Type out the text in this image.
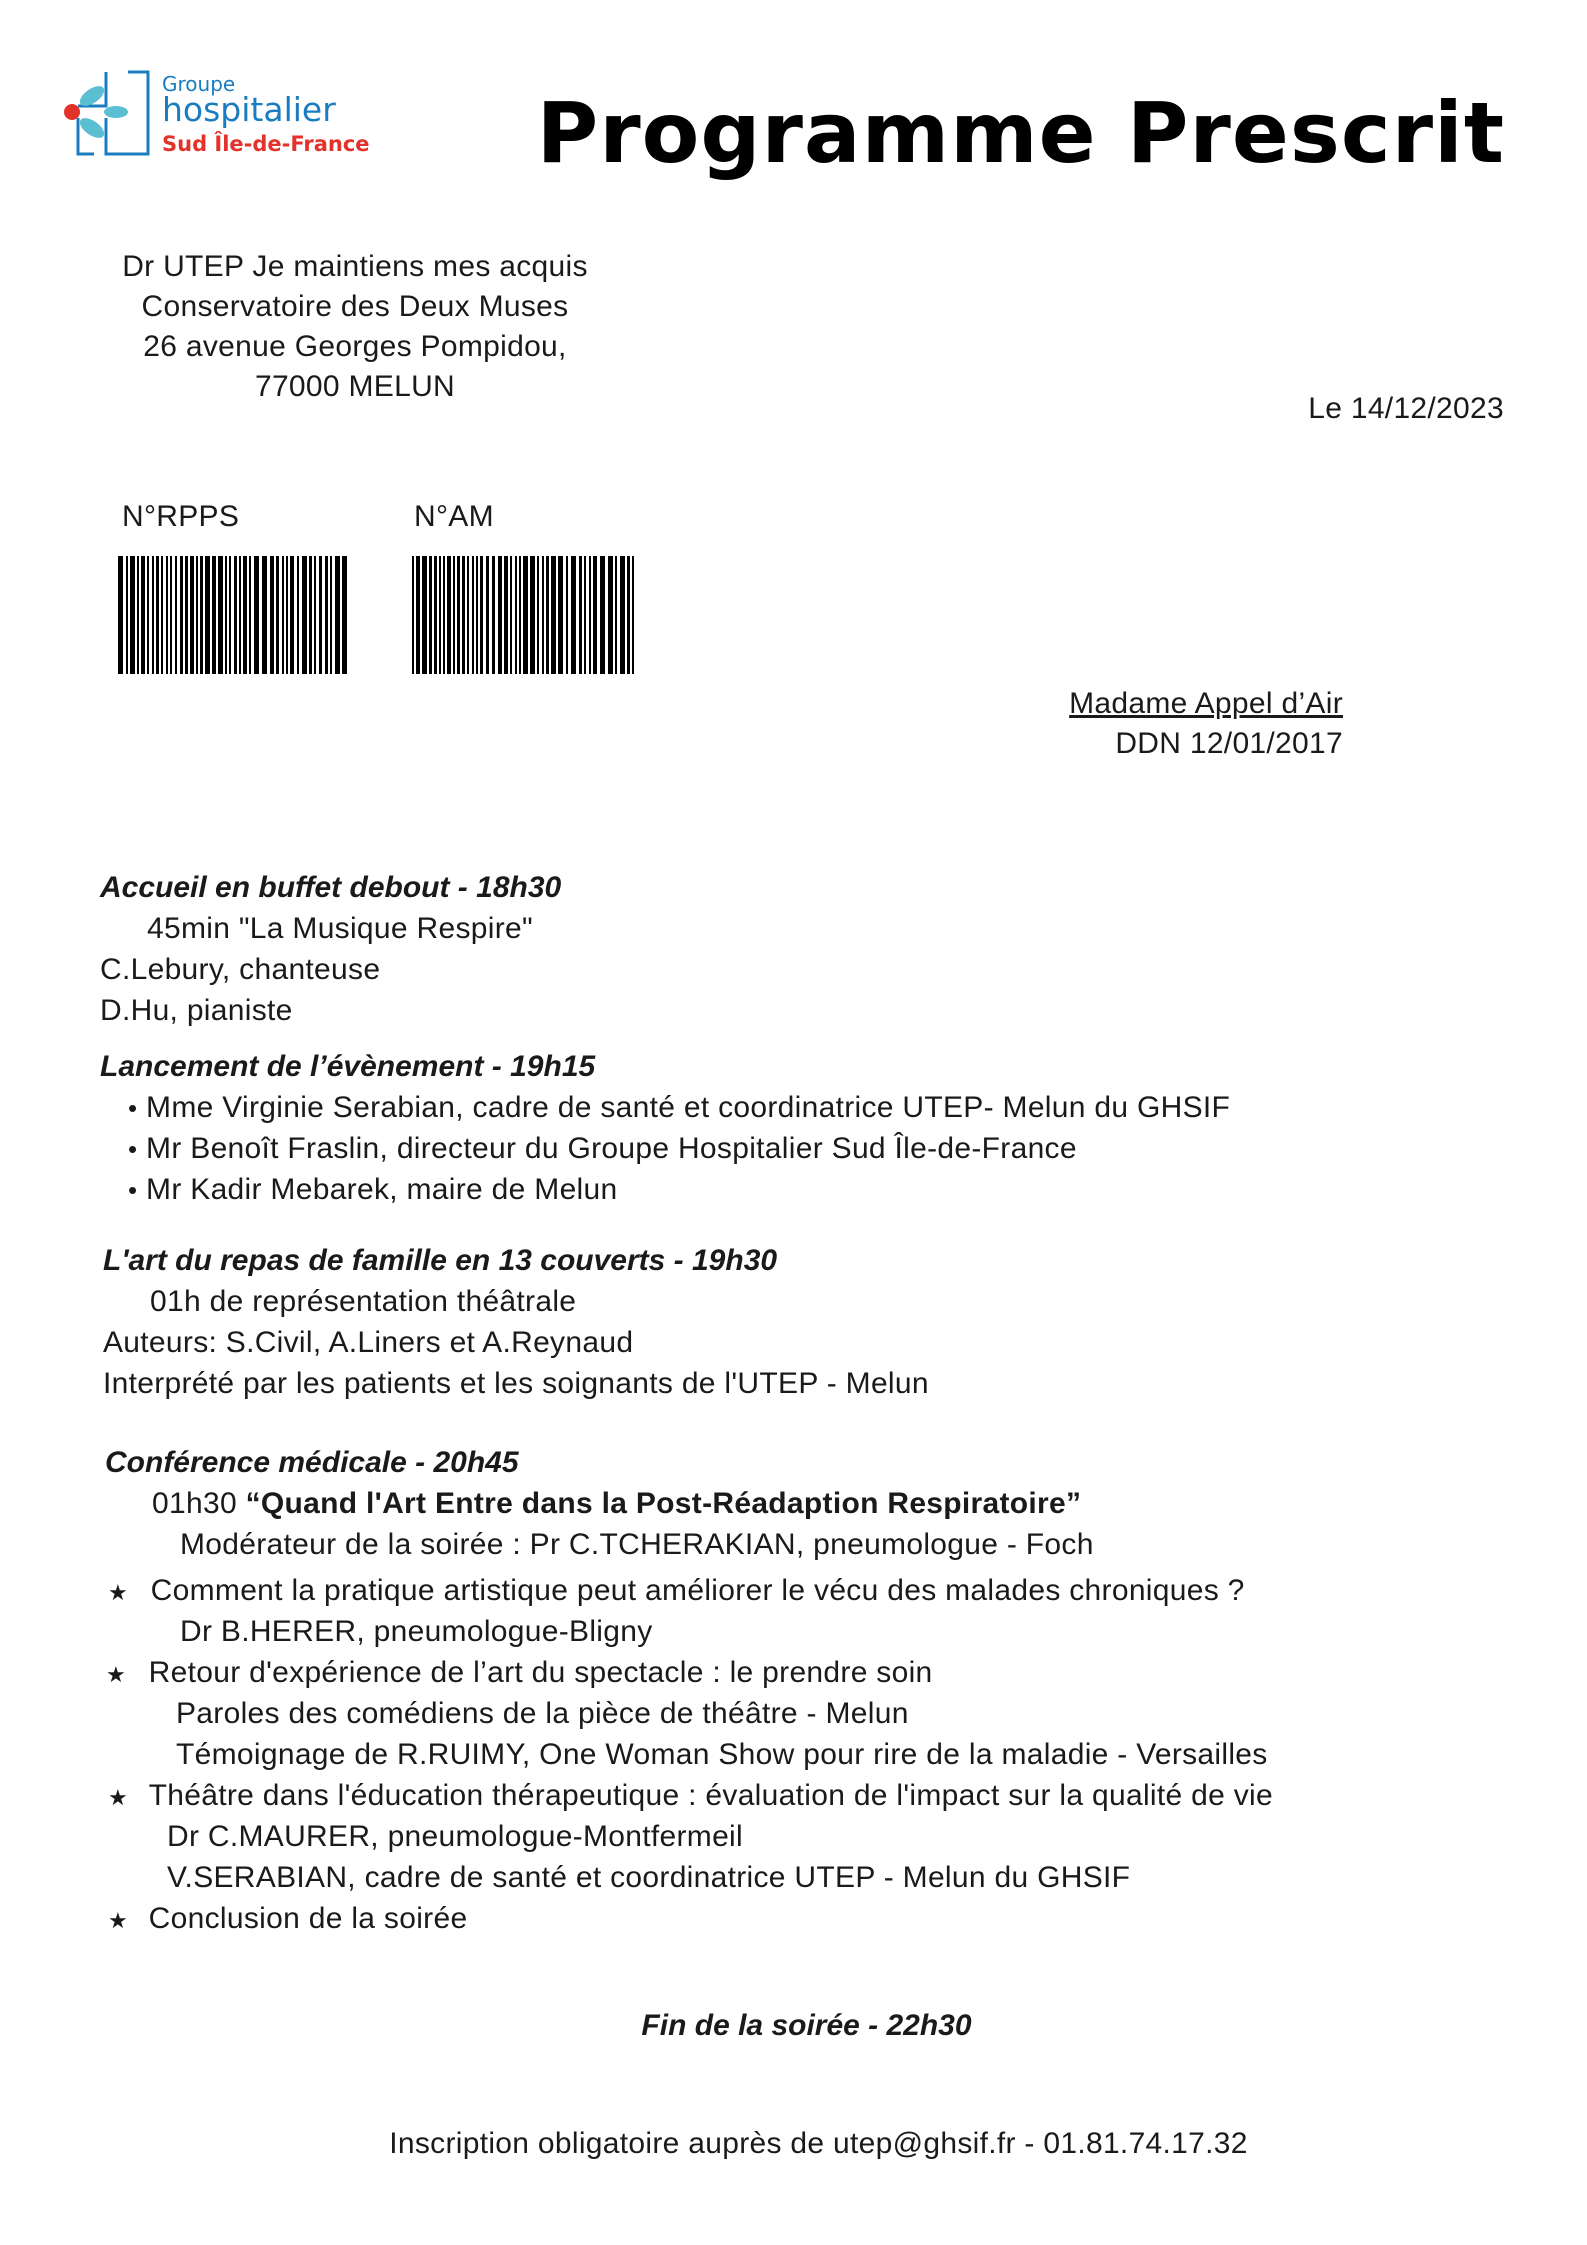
Groupe
hospitalier
Sud Île-de-France Programme Prescrit
Dr UTEP Je maintiens mes acquis
Conservatoire des Deux Muses
26 avenue Georges Pompidou,
77000 MELUN
Le 14/12/2023
N°RPPS	N°AM
Madame Appel d’Air
DDN 12/01/2017
Accueil en buffet debout - 18h30
45min "La Musique Respire"
C.Lebury, chanteuse
D.Hu, pianiste
Lancement de l’évènement - 19h15
• Mme Virginie Serabian, cadre de santé et coordinatrice UTEP- Melun du GHSIF
• Mr Benoît Fraslin, directeur du Groupe Hospitalier Sud Île-de-France
• Mr Kadir Mebarek, maire de Melun
L'art du repas de famille en 13 couverts - 19h30
01h de représentation théâtrale
Auteurs: S.Civil, A.Liners et A.Reynaud
Interprété par les patients et les soignants de l'UTEP - Melun
Conférence médicale - 20h45
01h30 “Quand l'Art Entre dans la Post-Réadaption Respiratoire”
Modérateur de la soirée : Pr C.TCHERAKIAN, pneumologue - Foch
★ Comment la pratique artistique peut améliorer le vécu des malades chroniques ?
Dr B.HERER, pneumologue-Bligny
★ Retour d'expérience de l’art du spectacle : le prendre soin
Paroles des comédiens de la pièce de théâtre - Melun
Témoignage de R.RUIMY, One Woman Show pour rire de la maladie - Versailles
★ Théâtre dans l'éducation thérapeutique : évaluation de l'impact sur la qualité de vie
Dr C.MAURER, pneumologue-Montfermeil
V.SERABIAN, cadre de santé et coordinatrice UTEP - Melun du GHSIF
★ Conclusion de la soirée
Fin de la soirée - 22h30
Inscription obligatoire auprès de utep@ghsif.fr - 01.81.74.17.32
